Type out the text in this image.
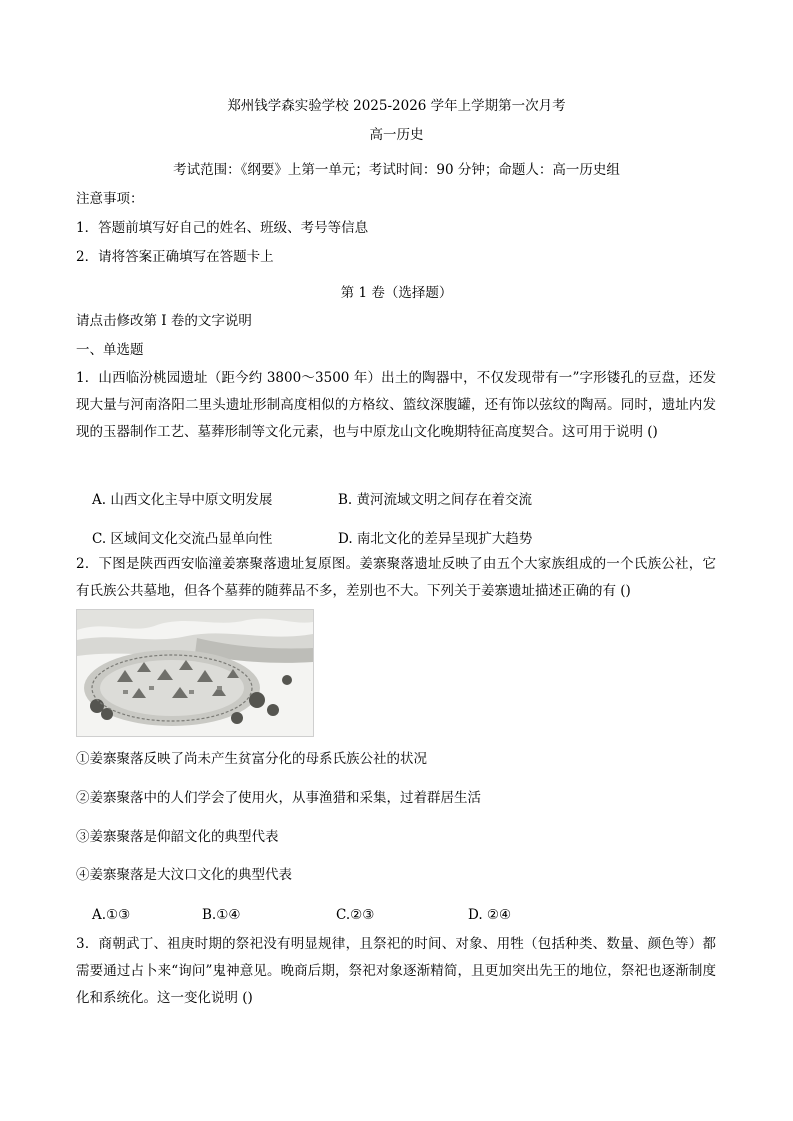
郑州钱学森实验学校 2025-2026 学年上学期第一次月考
高一历史
考试范围：《纲要》上第一单元；考试时间：90 分钟；命题人：高一历史组
注意事项：
1．答题前填写好自己的姓名、班级、考号等信息
2．请将答案正确填写在答题卡上
第 1 卷（选择题）
请点击修改第 I 卷的文字说明
一、单选题
1．山西临汾桃园遗址（距今约 3800～3500 年）出土的陶器中，不仅发现带有一”字形镂孔的豆盘，还发现大量与河南洛阳二里头遗址形制高度相似的方格纹、篮纹深腹罐，还有饰以弦纹的陶鬲。同时，遗址内发现的玉器制作工艺、墓葬形制等文化元素，也与中原龙山文化晚期特征高度契合。这可用于说明 ()
A. 山西文化主导中原文明发展	B. 黄河流域文明之间存在着交流
C. 区域间文化交流凸显单向性	D. 南北文化的差异呈现扩大趋势
2．下图是陕西西安临潼姜寨聚落遗址复原图。姜寨聚落遗址反映了由五个大家族组成的一个氏族公社，它有氏族公共墓地，但各个墓葬的随葬品不多，差别也不大。下列关于姜寨遗址描述正确的有 ()
①姜寨聚落反映了尚未产生贫富分化的母系氏族公社的状况
②姜寨聚落中的人们学会了使用火，从事渔猎和采集，过着群居生活
③姜寨聚落是仰韶文化的典型代表
④姜寨聚落是大汶口文化的典型代表
A.①③	B.①④	C.②③	D. ②④
3．商朝武丁、祖庚时期的祭祀没有明显规律，且祭祀的时间、对象、用牲（包括种类、数量、颜色等）都需要通过占卜来“询问”鬼神意见。晚商后期，祭祀对象逐渐精简，且更加突出先王的地位，祭祀也逐渐制度化和系统化。这一变化说明 ()
